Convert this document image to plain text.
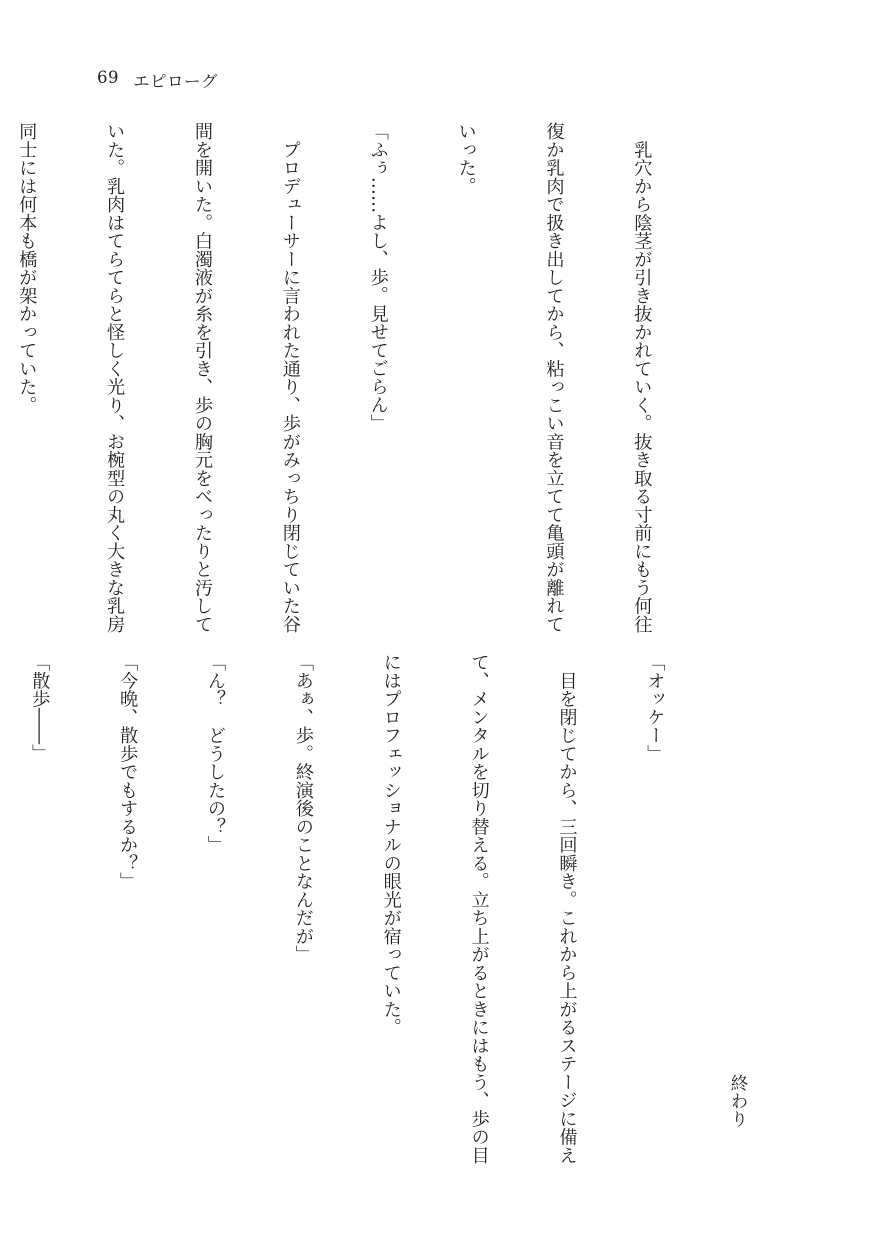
69 エピローグ

　乳穴から陰茎が引き抜かれていく。抜き取る寸前にもう何往

復か乳肉で扱き出してから、粘っこい音を立てて亀頭が離れて

いった。

「ふぅ……よし、歩。見せてごらん」

　プロデューサーに言われた通り、歩がみっちり閉じていた谷

間を開いた。白濁液が糸を引き、歩の胸元をべったりと汚して

いた。乳肉はてらてらと怪しく光り、お椀型の丸く大きな乳房

同士には何本も橋が架かっていた。

「オッケー」

　目を閉じてから、三回瞬き。これから上がるステージに備え

て、メンタルを切り替える。立ち上がるときにはもう、歩の目

にはプロフェッショナルの眼光が宿っていた。

「あぁ、歩。終演後のことなんだが」

「ん？　どうしたの？」

「今晩、散歩でもするか？」

「散歩――」

終わり
